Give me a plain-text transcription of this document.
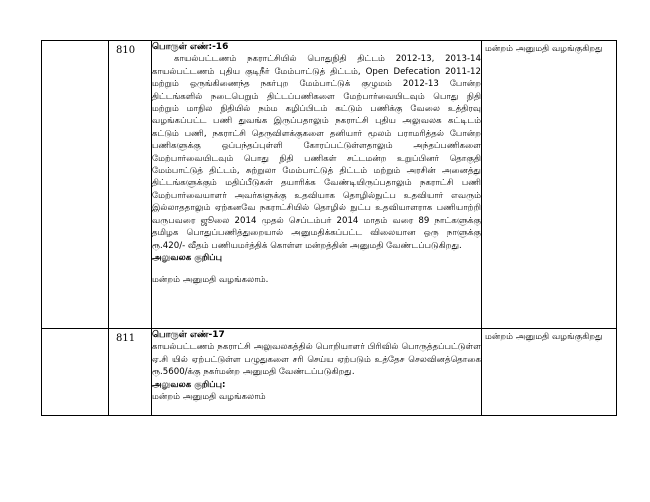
	810	பொருள் எண்:-16
காயல்பட்டணம் நகராட்சியில் பொதுநிதி திட்டம் 2012-13, 2013-14 காயல்பட்டணம் புதிய குடிநீர் மேம்பாட்டுத் திட்டம், Open Defecation 2011-12 மற்றும் ஒருங்கிணைந்த நகர்புற மேம்பாட்டுக் குழுமம் 2012-13 போன்ற திட்டங்களில் நடைபெறும் திட்டப்பணிகளை மேற்பார்வையிடவும் பொது நிதி மற்றும் மாநில நிதியில் நம்ம கழிப்பிடம் கட்டும் பணிக்கு வேலை உத்திரவு வழங்கப்பட்ட பணி துவங்க இருப்பதாலும் நகராட்சி புதிய அலுவலக கட்டிடம் கட்டும் பணி, நகராட்சி தெருவிளக்குகளை தனியார் மூலம் பராமரித்தல் போன்ற பணிகளுக்கு ஒப்பந்தப்புள்ளி கோரப்பட்டுள்ளதாலும் அந்தப்பணிகளை மேற்பார்வையிடவும் பொது நிதி பணிகள் சட்டமன்ற உறுப்பினர் தொகுதி மேம்பாட்டுத் திட்டம், சுற்றுலா மேம்பாட்டுத் திட்டம் மற்றும் அரசின் அனைத்து திட்டங்களுக்கும் மதிப்பீடுகள் தயாரிக்க வேண்டியிருப்பதாலும் நகராட்சி பணி மேற்பார்வையாளர் அவர்களுக்கு உதவியாக தொழில்நுட்ப உதவியார் எவரும் இல்லாததாலும் ஏற்கனவே நகராட்சியில் தொழில் நுட்ப உதவியாளராக பணியாற்றி வருபவரை ஜூலை 2014 முதல் செப்டம்பர் 2014 மாதம் வரை 89 நாட்களுக்கு தமிழக பொதுப்பணித்துறையால் அனுமதிக்கப்பட்ட விலையான ஒரு நாளுக்கு ரூ.420/- வீதம் பணியமர்த்திக் கொள்ள மன்றத்தின் அனுமதி வேண்டப்படுகிறது.
அலுவலக குறிப்பு
மன்றம் அனுமதி வழங்கலாம்.	மன்றம் அனுமதி வழங்குகிறது

	811	பொருள் எண்-17
காயல்பட்டணம் நகராட்சி அலுவலகத்தில் பொறியாளர் பிரிவில் பொருத்தப்பட்டுள்ள ஏ.சி யில் ஏற்பட்டுள்ள பழுதுகளை சரி செய்ய ஏற்படும் உத்தேச செலவினத்தொகை ரூ.5600/க்கு நகர்மன்ற அனுமதி வேண்டப்படுகிறது.
அலுவலக குறிப்பு:
மன்றம் அனுமதி வழங்கலாம்	மன்றம் அனுமதி வழங்குகிறது
